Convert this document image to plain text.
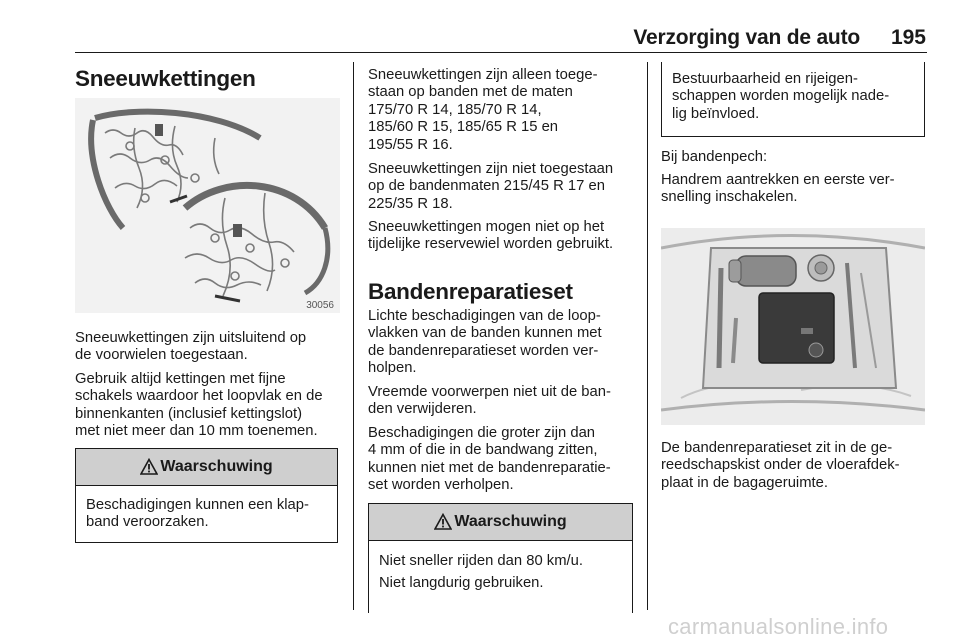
Verzorging van de auto	195
Sneeuwkettingen
30056
Sneeuwkettingen zijn uitsluitend op
de voorwielen toegestaan.
Gebruik altijd kettingen met fijne
schakels waardoor het loopvlak en de
binnenkanten (inclusief kettingslot)
met niet meer dan 10 mm toenemen.
Waarschuwing
Beschadigingen kunnen een klap-
band veroorzaken.
Sneeuwkettingen zijn alleen toege-
staan op banden met de maten
175/70 R 14, 185/70 R 14,
185/60 R 15, 185/65 R 15 en
195/55 R 16.
Sneeuwkettingen zijn niet toegestaan
op de bandenmaten 215/45 R 17 en
225/35 R 18.
Sneeuwkettingen mogen niet op het
tijdelijke reservewiel worden gebruikt.
Bandenreparatieset
Lichte beschadigingen van de loop-
vlakken van de banden kunnen met
de bandenreparatieset worden ver-
holpen.
Vreemde voorwerpen niet uit de ban-
den verwijderen.
Beschadigingen die groter zijn dan
4 mm of die in de bandwang zitten,
kunnen niet met de bandenreparatie-
set worden verholpen.
Waarschuwing
Niet sneller rijden dan 80 km/u.
Niet langdurig gebruiken.
Bestuurbaarheid en rijeigen-
schappen worden mogelijk nade-
lig beïnvloed.
Bij bandenpech:
Handrem aantrekken en eerste ver-
snelling inschakelen.
De bandenreparatieset zit in de ge-
reedschapskist onder de vloerafdek-
plaat in de bagageruimte.
carmanualsonline.info
